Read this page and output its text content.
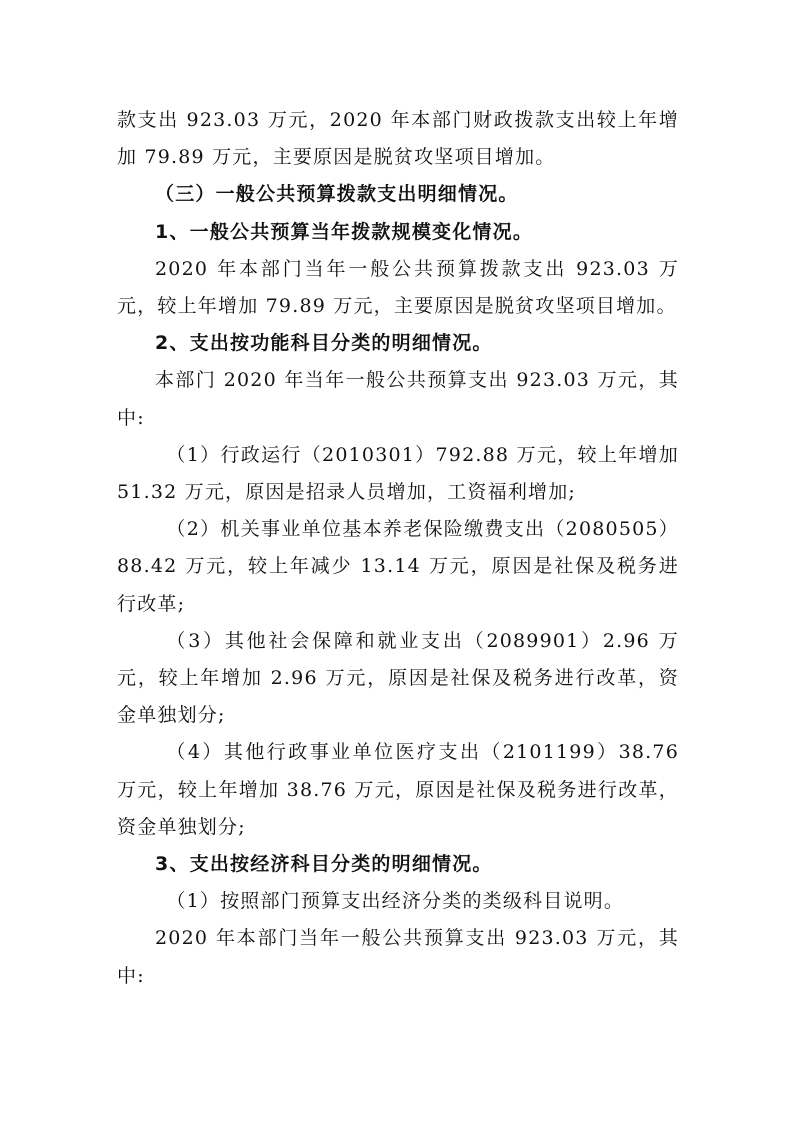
款支出 923.03 万元，2020 年本部门财政拨款支出较上年增加 79.89 万元，主要原因是脱贫攻坚项目增加。

（三）一般公共预算拨款支出明细情况。

1、一般公共预算当年拨款规模变化情况。

2020 年本部门当年一般公共预算拨款支出 923.03 万元，较上年增加 79.89 万元，主要原因是脱贫攻坚项目增加。

2、支出按功能科目分类的明细情况。

本部门 2020 年当年一般公共预算支出 923.03 万元，其中:

（1）行政运行（2010301）792.88 万元，较上年增加 51.32 万元，原因是招录人员增加，工资福利增加;

（2）机关事业单位基本养老保险缴费支出（2080505）88.42 万元，较上年减少 13.14 万元，原因是社保及税务进行改革;

（3）其他社会保障和就业支出（2089901）2.96 万元，较上年增加 2.96 万元，原因是社保及税务进行改革，资金单独划分;

（4）其他行政事业单位医疗支出（2101199）38.76 万元，较上年增加 38.76 万元，原因是社保及税务进行改革，资金单独划分;

3、支出按经济科目分类的明细情况。

（1）按照部门预算支出经济分类的类级科目说明。

2020 年本部门当年一般公共预算支出 923.03 万元，其中:
